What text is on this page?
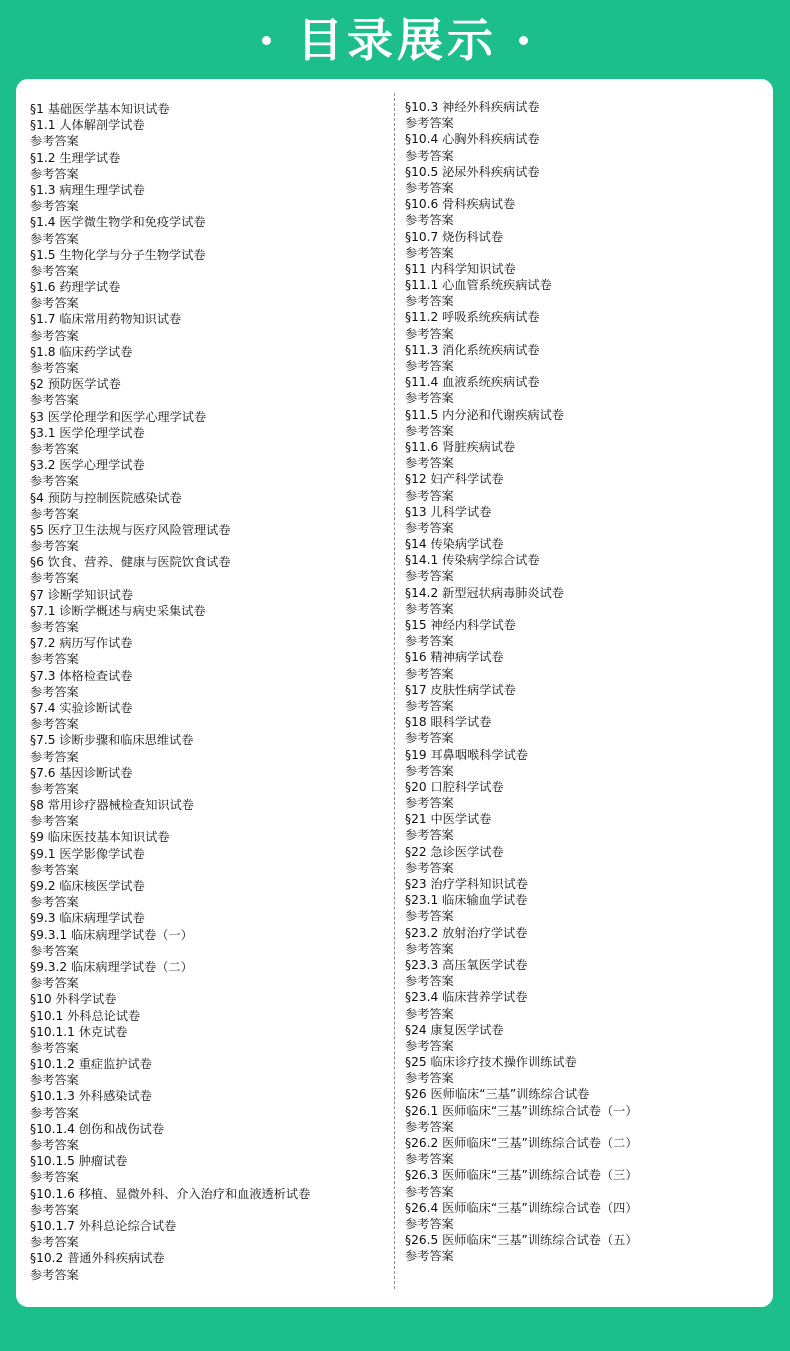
目录展示
§1 基础医学基本知识试卷
§1.1 人体解剖学试卷
参考答案
§1.2 生理学试卷
参考答案
§1.3 病理生理学试卷
参考答案
§1.4 医学微生物学和免疫学试卷
参考答案
§1.5 生物化学与分子生物学试卷
参考答案
§1.6 药理学试卷
参考答案
§1.7 临床常用药物知识试卷
参考答案
§1.8 临床药学试卷
参考答案
§2 预防医学试卷
参考答案
§3 医学伦理学和医学心理学试卷
§3.1 医学伦理学试卷
参考答案
§3.2 医学心理学试卷
参考答案
§4 预防与控制医院感染试卷
参考答案
§5 医疗卫生法规与医疗风险管理试卷
参考答案
§6 饮食、营养、健康与医院饮食试卷
参考答案
§7 诊断学知识试卷
§7.1 诊断学概述与病史采集试卷
参考答案
§7.2 病历写作试卷
参考答案
§7.3 体格检查试卷
参考答案
§7.4 实验诊断试卷
参考答案
§7.5 诊断步骤和临床思维试卷
参考答案
§7.6 基因诊断试卷
参考答案
§8 常用诊疗器械检查知识试卷
参考答案
§9 临床医技基本知识试卷
§9.1 医学影像学试卷
参考答案
§9.2 临床核医学试卷
参考答案
§9.3 临床病理学试卷
§9.3.1 临床病理学试卷（一）
参考答案
§9.3.2 临床病理学试卷（二）
参考答案
§10 外科学试卷
§10.1 外科总论试卷
§10.1.1 休克试卷
参考答案
§10.1.2 重症监护试卷
参考答案
§10.1.3 外科感染试卷
参考答案
§10.1.4 创伤和战伤试卷
参考答案
§10.1.5 肿瘤试卷
参考答案
§10.1.6 移植、显微外科、介入治疗和血液透析试卷
参考答案
§10.1.7 外科总论综合试卷
参考答案
§10.2 普通外科疾病试卷
参考答案
§10.3 神经外科疾病试卷
参考答案
§10.4 心胸外科疾病试卷
参考答案
§10.5 泌尿外科疾病试卷
参考答案
§10.6 骨科疾病试卷
参考答案
§10.7 烧伤科试卷
参考答案
§11 内科学知识试卷
§11.1 心血管系统疾病试卷
参考答案
§11.2 呼吸系统疾病试卷
参考答案
§11.3 消化系统疾病试卷
参考答案
§11.4 血液系统疾病试卷
参考答案
§11.5 内分泌和代谢疾病试卷
参考答案
§11.6 肾脏疾病试卷
参考答案
§12 妇产科学试卷
参考答案
§13 儿科学试卷
参考答案
§14 传染病学试卷
§14.1 传染病学综合试卷
参考答案
§14.2 新型冠状病毒肺炎试卷
参考答案
§15 神经内科学试卷
参考答案
§16 精神病学试卷
参考答案
§17 皮肤性病学试卷
参考答案
§18 眼科学试卷
参考答案
§19 耳鼻咽喉科学试卷
参考答案
§20 口腔科学试卷
参考答案
§21 中医学试卷
参考答案
§22 急诊医学试卷
参考答案
§23 治疗学科知识试卷
§23.1 临床输血学试卷
参考答案
§23.2 放射治疗学试卷
参考答案
§23.3 高压氧医学试卷
参考答案
§23.4 临床营养学试卷
参考答案
§24 康复医学试卷
参考答案
§25 临床诊疗技术操作训练试卷
参考答案
§26 医师临床“三基”训练综合试卷
§26.1 医师临床“三基”训练综合试卷（一）
参考答案
§26.2 医师临床“三基”训练综合试卷（二）
参考答案
§26.3 医师临床“三基”训练综合试卷（三）
参考答案
§26.4 医师临床“三基”训练综合试卷（四）
参考答案
§26.5 医师临床“三基”训练综合试卷（五）
参考答案
